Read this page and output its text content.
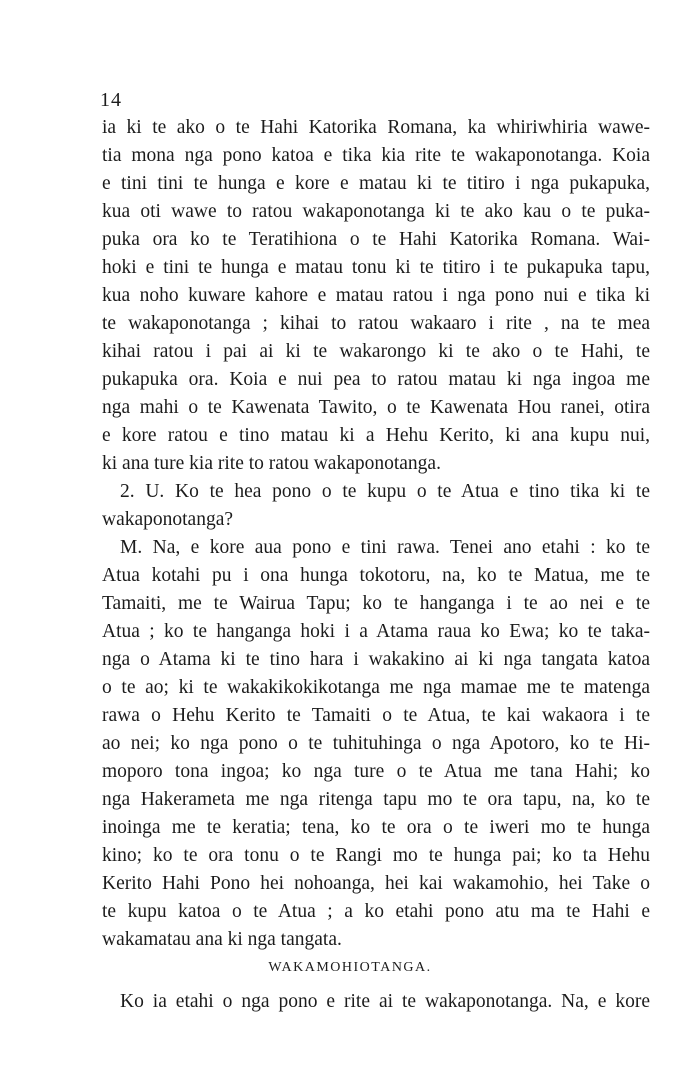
14
ia ki te ako o te Hahi Katorika Romana, ka whiriwhiria wawe-
tia mona nga pono katoa e tika kia rite te wakaponotanga. Koia
e tini tini te hunga e kore e matau ki te titiro i nga pukapuka,
kua oti wawe to ratou wakaponotanga ki te ako kau o te puka-
puka ora ko te Teratihiona o te Hahi Katorika Romana. Wai-
hoki e tini te hunga e matau tonu ki te titiro i te pukapuka tapu,
kua noho kuware kahore e matau ratou i nga pono nui e tika ki
te wakaponotanga ; kihai to ratou wakaaro i rite , na te mea
kihai ratou i pai ai ki te wakarongo ki te ako o te Hahi, te
pukapuka ora. Koia e nui pea to ratou matau ki nga ingoa me
nga mahi o te Kawenata Tawito, o te Kawenata Hou ranei, otira
e kore ratou e tino matau ki a Hehu Kerito, ki ana kupu nui,
ki ana ture kia rite to ratou wakaponotanga.
2. U. Ko te hea pono o te kupu o te Atua e tino tika ki te
wakaponotanga?
M. Na, e kore aua pono e tini rawa. Tenei ano etahi : ko te
Atua kotahi pu i ona hunga tokotoru, na, ko te Matua, me te
Tamaiti, me te Wairua Tapu; ko te hanganga i te ao nei e te
Atua ; ko te hanganga hoki i a Atama raua ko Ewa; ko te taka-
nga o Atama ki te tino hara i wakakino ai ki nga tangata katoa
o te ao; ki te wakakikokikotanga me nga mamae me te matenga
rawa o Hehu Kerito te Tamaiti o te Atua, te kai wakaora i te
ao nei; ko nga pono o te tuhituhinga o nga Apotoro, ko te Hi-
moporo tona ingoa; ko nga ture o te Atua me tana Hahi; ko
nga Hakerameta me nga ritenga tapu mo te ora tapu, na, ko te
inoinga me te keratia; tena, ko te ora o te iweri mo te hunga
kino; ko te ora tonu o te Rangi mo te hunga pai; ko ta Hehu
Kerito Hahi Pono hei nohoanga, hei kai wakamohio, hei Take o
te kupu katoa o te Atua ; a ko etahi pono atu ma te Hahi e
wakamatau ana ki nga tangata.
WAKAMOHIOTANGA.
Ko ia etahi o nga pono e rite ai te wakaponotanga. Na, e kore
